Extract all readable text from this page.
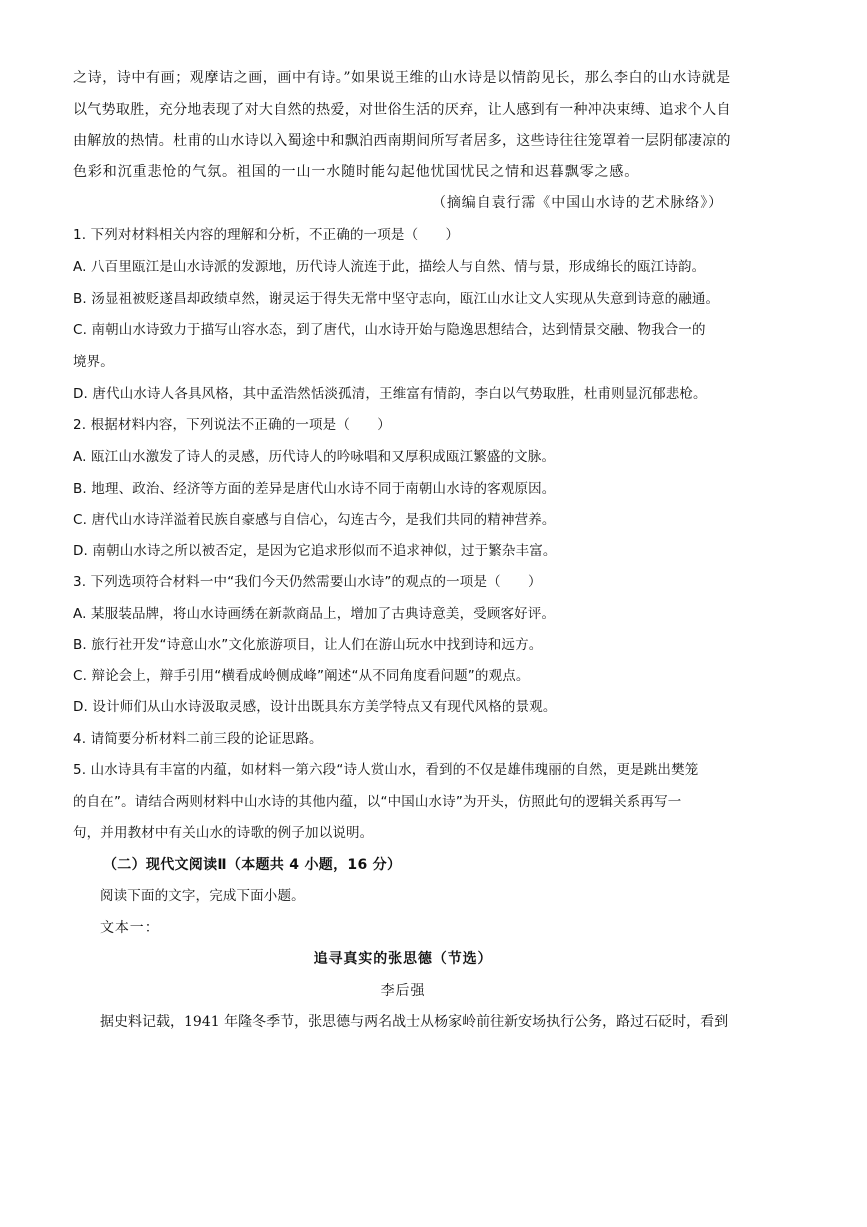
之诗，诗中有画；观摩诘之画，画中有诗。”如果说王维的山水诗是以情韵见长，那么李白的山水诗就是
以气势取胜，充分地表现了对大自然的热爱，对世俗生活的厌弃，让人感到有一种冲决束缚、追求个人自
由解放的热情。杜甫的山水诗以入蜀途中和飘泊西南期间所写者居多，这些诗往往笼罩着一层阴郁凄凉的
色彩和沉重悲怆的气氛。祖国的一山一水随时能勾起他忧国忧民之情和迟暮飘零之感。
（摘编自袁行霈《中国山水诗的艺术脉络》）
1. 下列对材料相关内容的理解和分析，不正确的一项是（　　）
A. 八百里瓯江是山水诗派的发源地，历代诗人流连于此，描绘人与自然、情与景，形成绵长的瓯江诗韵。
B. 汤显祖被贬遂昌却政绩卓然，谢灵运于得失无常中坚守志向，瓯江山水让文人实现从失意到诗意的融通。
C. 南朝山水诗致力于描写山容水态，到了唐代，山水诗开始与隐逸思想结合，达到情景交融、物我合一的
境界。
D. 唐代山水诗人各具风格，其中孟浩然恬淡孤清，王维富有情韵，李白以气势取胜，杜甫则显沉郁悲枪。
2. 根据材料内容，下列说法不正确的一项是（　　）
A. 瓯江山水激发了诗人的灵感，历代诗人的吟咏唱和又厚积成瓯江繁盛的文脉。
B. 地理、政治、经济等方面的差异是唐代山水诗不同于南朝山水诗的客观原因。
C. 唐代山水诗洋溢着民族自豪感与自信心，勾连古今，是我们共同的精神营养。
D. 南朝山水诗之所以被否定，是因为它追求形似而不追求神似，过于繁杂丰富。
3. 下列选项符合材料一中“我们今天仍然需要山水诗”的观点的一项是（　　）
A. 某服装品牌，将山水诗画绣在新款商品上，增加了古典诗意美，受顾客好评。
B. 旅行社开发“诗意山水”文化旅游项目，让人们在游山玩水中找到诗和远方。
C. 辩论会上，辩手引用“横看成岭侧成峰”阐述“从不同角度看问题”的观点。
D. 设计师们从山水诗汲取灵感，设计出既具东方美学特点又有现代风格的景观。
4. 请简要分析材料二前三段的论证思路。
5. 山水诗具有丰富的内蕴，如材料一第六段“诗人赏山水，看到的不仅是雄伟瑰丽的自然，更是跳出樊笼
的自在”。请结合两则材料中山水诗的其他内蕴，以“中国山水诗”为开头，仿照此句的逻辑关系再写一
句，并用教材中有关山水的诗歌的例子加以说明。
（二）现代文阅读Ⅱ（本题共 4 小题，16 分）
阅读下面的文字，完成下面小题。
文本一：
追寻真实的张思德（节选）
李后强
据史料记载，1941 年隆冬季节，张思德与两名战士从杨家岭前往新安场执行公务，路过石砭时，看到
